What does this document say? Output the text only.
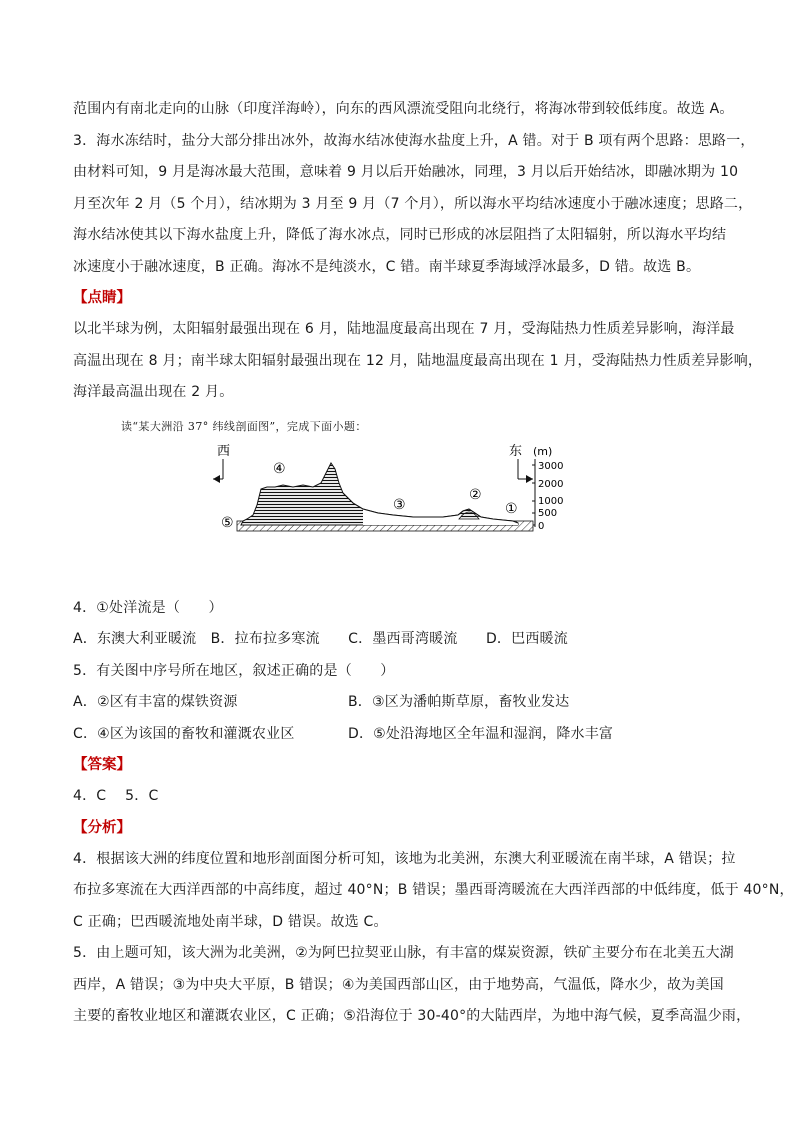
范围内有南北走向的山脉（印度洋海岭），向东的西风漂流受阻向北绕行，将海冰带到较低纬度。故选 A。
3．海水冻结时，盐分大部分排出冰外，故海水结冰使海水盐度上升，A 错。对于 B 项有两个思路：思路一，
由材料可知，9 月是海冰最大范围，意味着 9 月以后开始融冰，同理，3 月以后开始结冰，即融冰期为 10
月至次年 2 月（5 个月），结冰期为 3 月至 9 月（7 个月），所以海水平均结冰速度小于融冰速度；思路二，
海水结冰使其以下海水盐度上升，降低了海水冰点，同时已形成的冰层阻挡了太阳辐射，所以海水平均结
冰速度小于融冰速度，B 正确。海冰不是纯淡水，C 错。南半球夏季海域浮冰最多，D 错。故选 B。
【点睛】
以北半球为例，太阳辐射最强出现在 6 月，陆地温度最高出现在 7 月，受海陆热力性质差异影响，海洋最
高温出现在 8 月；南半球太阳辐射最强出现在 12 月，陆地温度最高出现在 1 月，受海陆热力性质差异影响，
海洋最高温出现在 2 月。
读“某大洲沿 37° 纬线剖面图”，完成下面小题：
西	东 (m)
3000
2000
1000
500
0
④
③
②
①
⑤
4．①处洋流是（　　）
A．东澳大利亚暖流　B．拉布拉多寒流　　C．墨西哥湾暖流　　D．巴西暖流
5．有关图中序号所在地区，叙述正确的是（　　）
A．②区有丰富的煤铁资源	B．③区为潘帕斯草原，畜牧业发达
C．④区为该国的畜牧和灌溉农业区	D．⑤处沿海地区全年温和湿润，降水丰富
【答案】
4．C　 5．C
【分析】
4．根据该大洲的纬度位置和地形剖面图分析可知，该地为北美洲，东澳大利亚暖流在南半球，A 错误；拉
布拉多寒流在大西洋西部的中高纬度，超过 40°N；B 错误；墨西哥湾暖流在大西洋西部的中低纬度，低于 40°N，
C 正确；巴西暖流地处南半球，D 错误。故选 C。
5．由上题可知，该大洲为北美洲，②为阿巴拉契亚山脉，有丰富的煤炭资源，铁矿主要分布在北美五大湖
西岸，A 错误；③为中央大平原，B 错误；④为美国西部山区，由于地势高，气温低，降水少，故为美国
主要的畜牧业地区和灌溉农业区，C 正确；⑤沿海位于 30-40°的大陆西岸，为地中海气候，夏季高温少雨，
